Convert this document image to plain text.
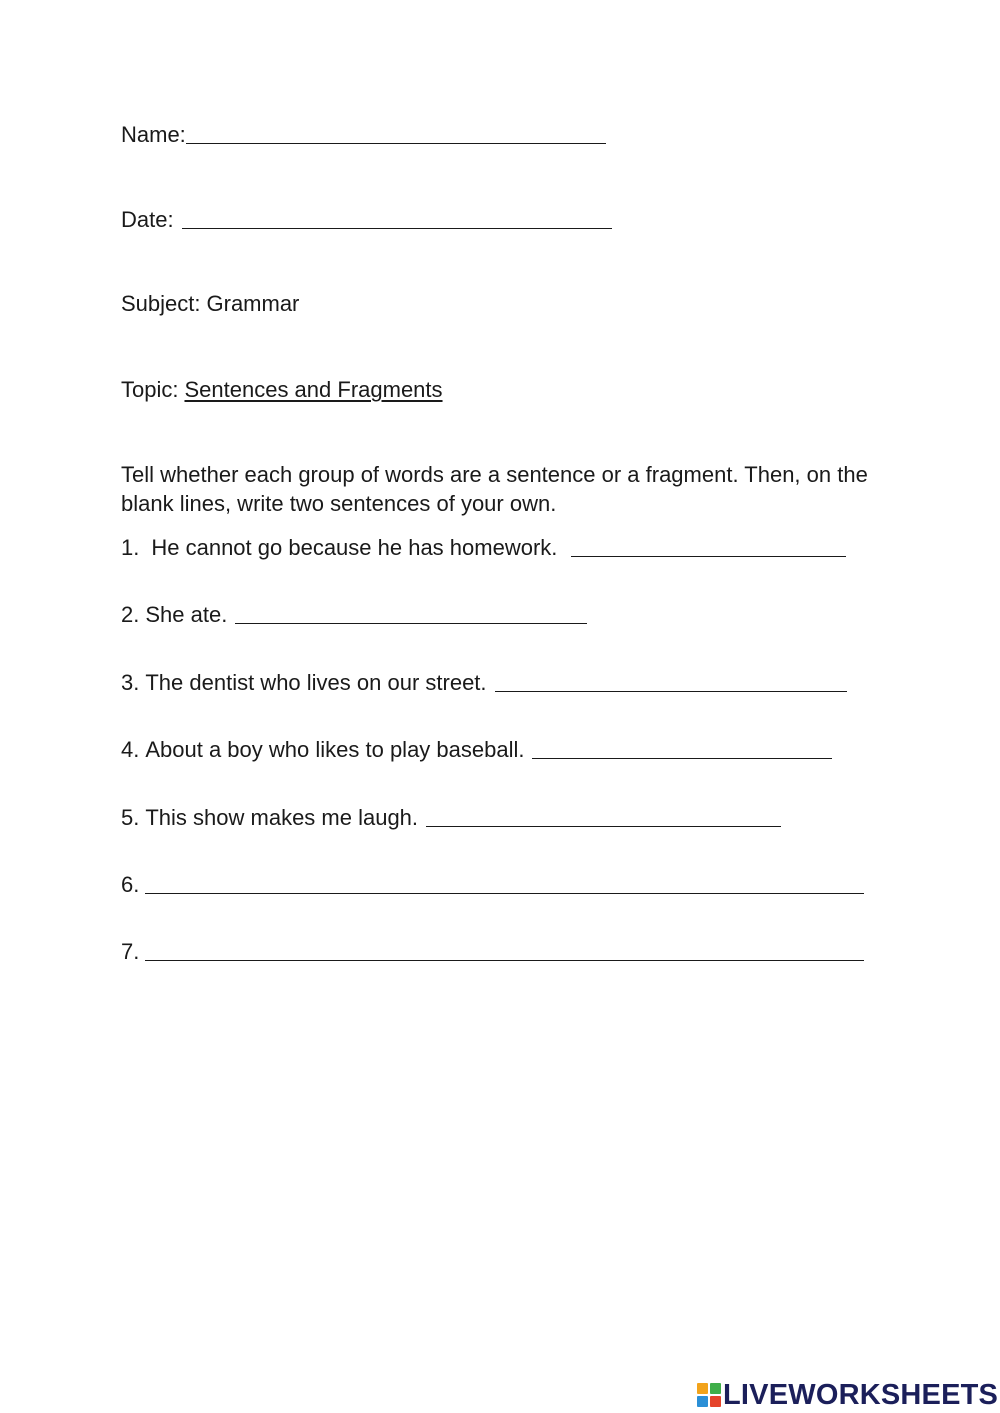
Name:
Date:
Subject: Grammar
Topic: Sentences and Fragments
Tell whether each group of words are a sentence or a fragment. Then, on the blank lines, write two sentences of your own.
1. He cannot go because he has homework.
2. She ate.
3. The dentist who lives on our street.
4. About a boy who likes to play baseball.
5. This show makes me laugh.
6.
7.
LIVEWORKSHEETS
